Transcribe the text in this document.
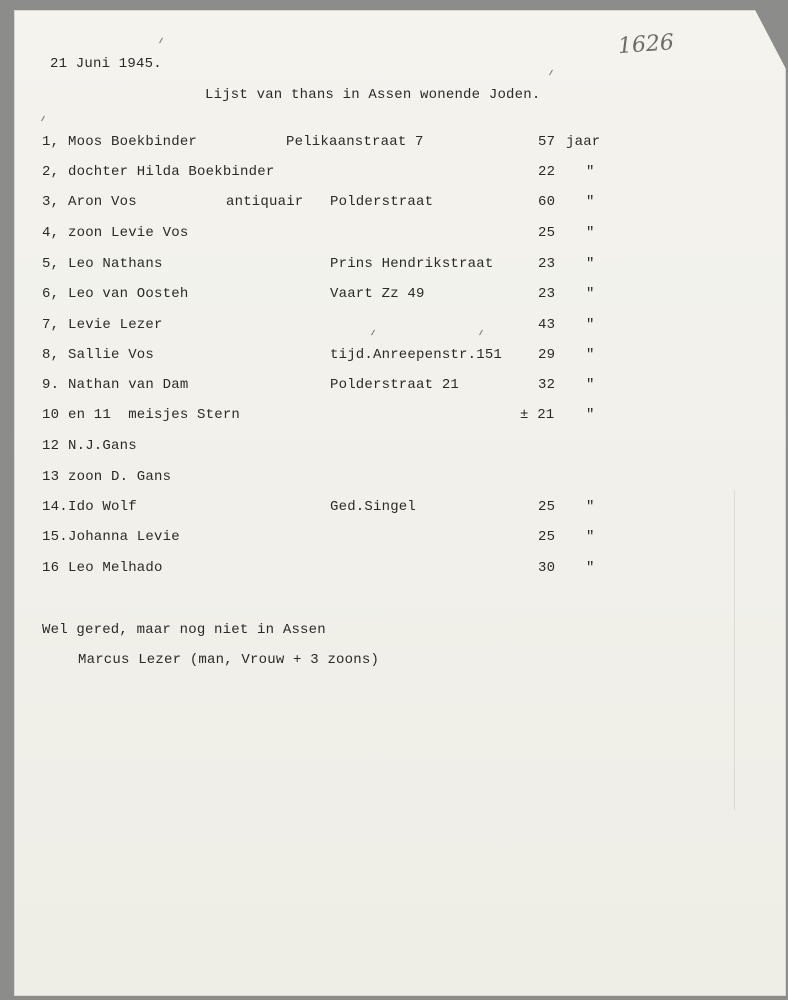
1626
21 Juni 1945.
Lijst van thans in Assen wonende Joden.
1, Moos Boekbinder	Pelikaanstraat 7	57 jaar
2, dochter Hilda Boekbinder	22 "
3, Aron Vos	antiquair Polderstraat	60 "
4, zoon Levie Vos	25 "
5, Leo Nathans	Prins Hendrikstraat	23 "
6, Leo van Oosteh	Vaart Zz 49	23 "
7, Levie Lezer	43 "
8, Sallie Vos	tijd.Anreepenstr.151	29 "
9. Nathan van Dam	Polderstraat 21	32 "
10 en 11  meisjes Stern	± 21 "
12 N.J.Gans
13 zoon D. Gans
14. Ido Wolf	Ged.Singel	25 "
15. Johanna Levie	25 "
16 Leo Melhado	30 "
Wel gered, maar nog niet in Assen
Marcus Lezer (man, Vrouw + 3 zoons)
